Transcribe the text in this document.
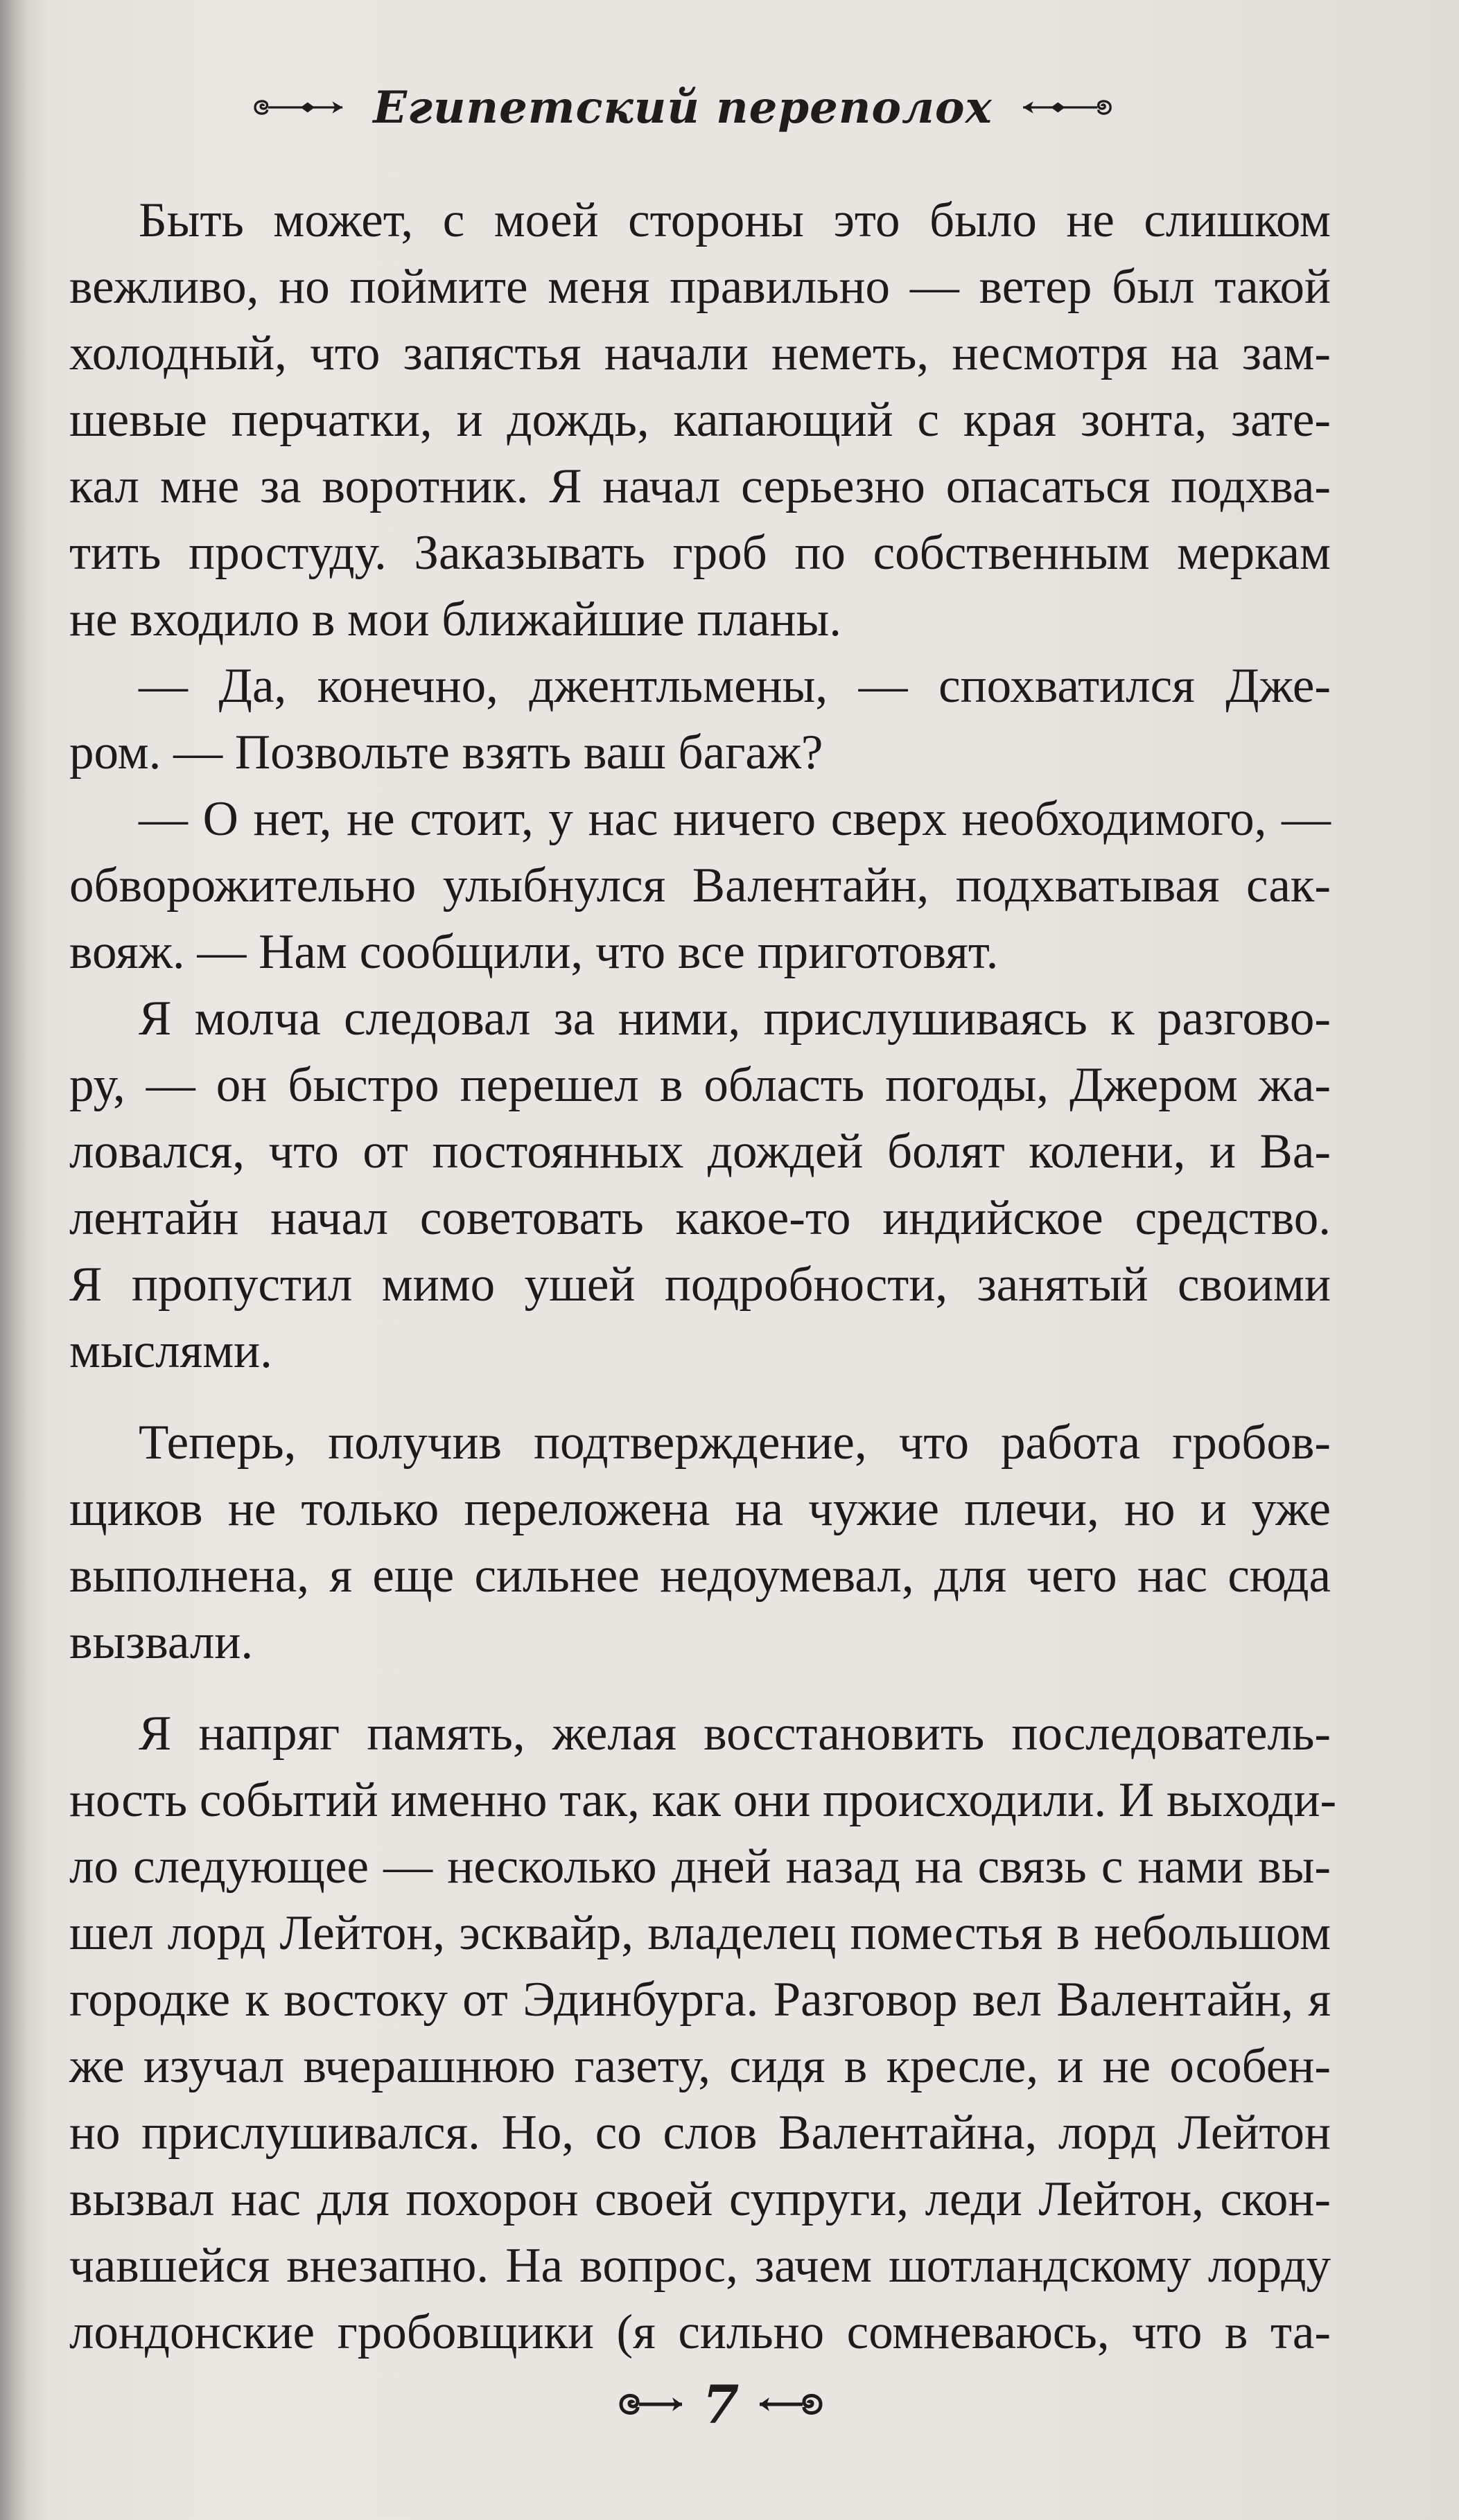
Египетский переполох
Быть может, с моей стороны это было не слишком
вежливо, но поймите меня правильно — ветер был такой
холодный, что запястья начали неметь, несмотря на зам-
шевые перчатки, и дождь, капающий с края зонта, зате-
кал мне за воротник. Я начал серьезно опасаться подхва-
тить простуду. Заказывать гроб по собственным меркам
не входило в мои ближайшие планы.
— Да, конечно, джентльмены, — спохватился Дже-
ром. — Позвольте взять ваш багаж?
— О нет, не стоит, у нас ничего сверх необходимого, —
обворожительно улыбнулся Валентайн, подхватывая сак-
вояж. — Нам сообщили, что все приготовят.
Я молча следовал за ними, прислушиваясь к разгово-
ру, — он быстро перешел в область погоды, Джером жа-
ловался, что от постоянных дождей болят колени, и Ва-
лентайн начал советовать какое-то индийское средство.
Я пропустил мимо ушей подробности, занятый своими
мыслями.
Теперь, получив подтверждение, что работа гробов-
щиков не только переложена на чужие плечи, но и уже
выполнена, я еще сильнее недоумевал, для чего нас сюда
вызвали.
Я напряг память, желая восстановить последователь-
ность событий именно так, как они происходили. И выходи-
ло следующее — несколько дней назад на связь с нами вы-
шел лорд Лейтон, эсквайр, владелец поместья в небольшом
городке к востоку от Эдинбурга. Разговор вел Валентайн, я
же изучал вчерашнюю газету, сидя в кресле, и не особен-
но прислушивался. Но, со слов Валентайна, лорд Лейтон
вызвал нас для похорон своей супруги, леди Лейтон, скон-
чавшейся внезапно. На вопрос, зачем шотландскому лорду
лондонские гробовщики (я сильно сомневаюсь, что в та-
7
